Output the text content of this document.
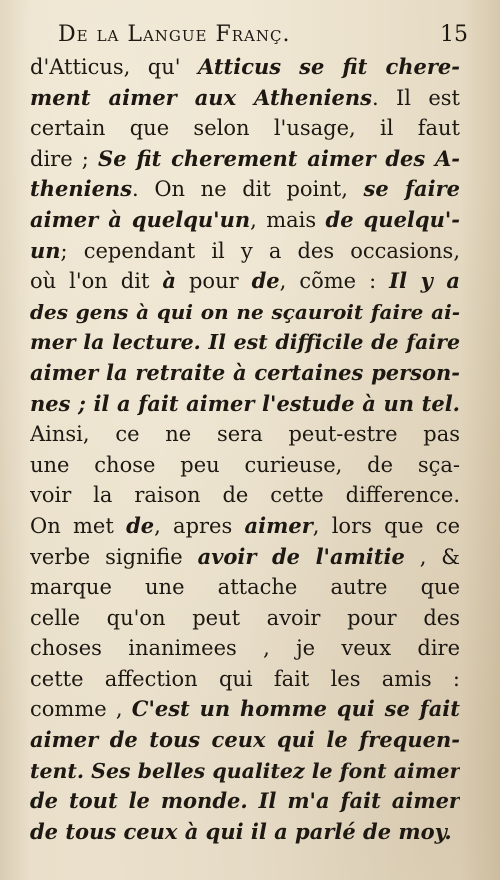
De la Langue Franç.	15
d'Atticus, qu' Atticus se fit chere-
ment aimer aux Atheniens. Il est
certain que selon l'usage, il faut
dire ; Se fit cherement aimer des A-
theniens. On ne dit point, se faire
aimer à quelqu'un, mais de quelqu'-
un; cependant il y a des occasions,
où l'on dit à pour de, cõme : Il y a
des gens à qui on ne sçauroit faire ai-
mer la lecture. Il est difficile de faire
aimer la retraite à certaines person-
nes ; il a fait aimer l'estude à un tel.
Ainsi, ce ne sera peut-estre pas
une chose peu curieuse, de sça-
voir la raison de cette difference.
On met de, apres aimer, lors que ce
verbe signifie avoir de l'amitie , &
marque une attache autre que
celle qu'on peut avoir pour des
choses inanimees , je veux dire
cette affection qui fait les amis :
comme , C'est un homme qui se fait
aimer de tous ceux qui le frequen-
tent. Ses belles qualitez le font aimer
de tout le monde. Il m'a fait aimer
de tous ceux à qui il a parlé de moy.
